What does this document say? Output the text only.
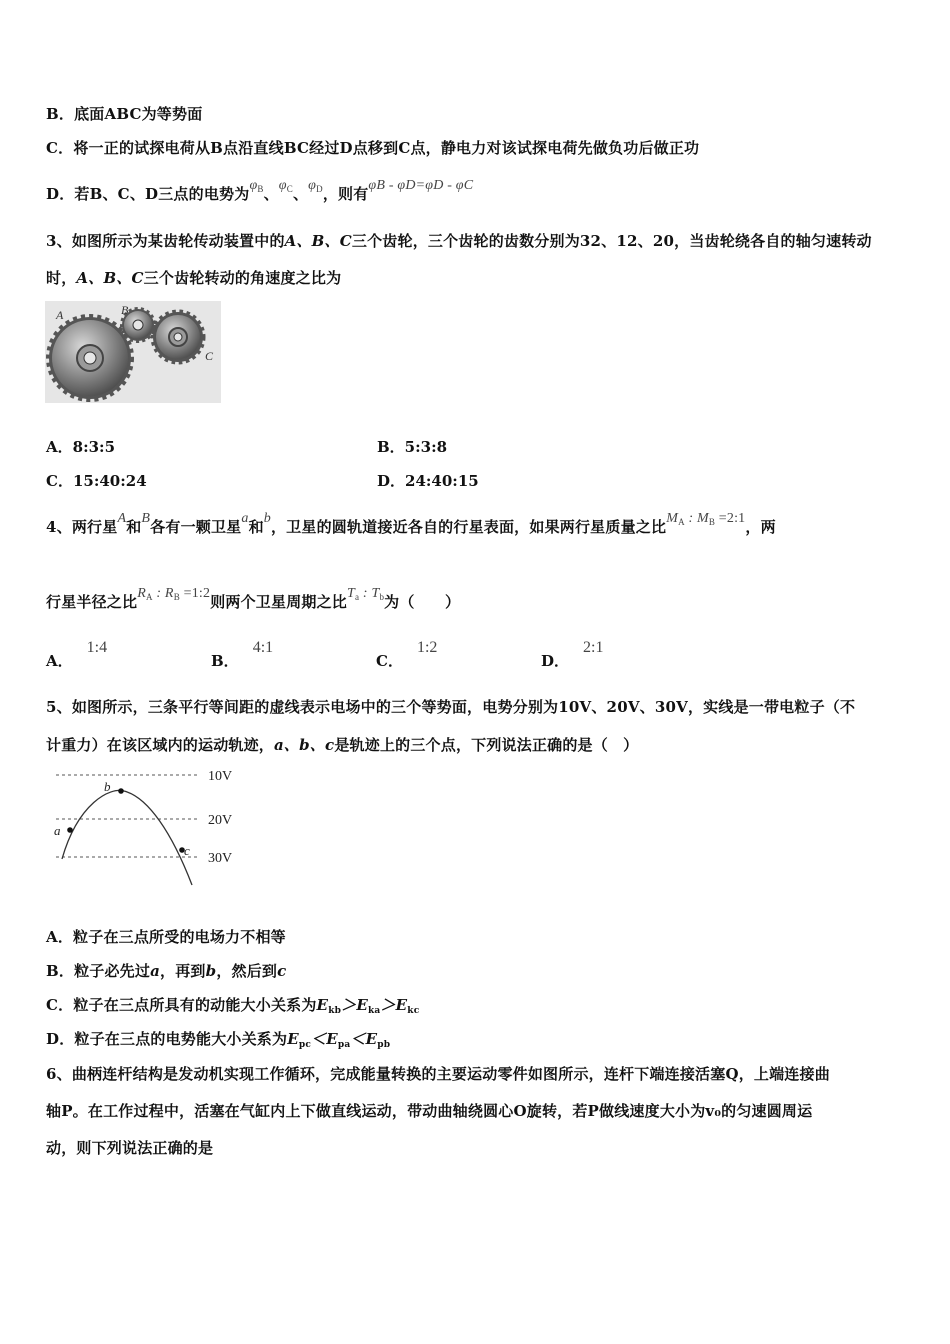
B．底面ABC为等势面
C．将一正的试探电荷从B点沿直线BC经过D点移到C点，静电力对该试探电荷先做负功后做正功
D．若B、C、D三点的电势为$\varphi_B$、$\varphi_C$、$\varphi_D$，则有φB - φD=φD - φC
3、如图所示为某齿轮传动装置中的A、B、C三个齿轮，三个齿轮的齿数分别为32、12、20，当齿轮绕各自的轴匀速转动
时，A、B、C三个齿轮转动的角速度之比为
A	B
C
A．8:3:5	B．5:3:8
C．15:40:24	D．24:40:15
4、两行星A和B各有一颗卫星a和b，卫星的圆轨道接近各自的行星表面，如果两行星质量之比$M_A$ : $M_B$ =2:1，两
行星半径之比$R_A$ : $R_B$ =1:2则两个卫星周期之比$T_a$ : $T_b$为（　　）
A．1:4
B．4:1
C．1:2
D．2:1
5、如图所示，三条平行等间距的虚线表示电场中的三个等势面，电势分别为10V、20V、30V，实线是一带电粒子（不
计重力）在该区域内的运动轨迹，a、b、c是轨迹上的三个点，下列说法正确的是（　）
a
b
c
10V
20V
30V
A．粒子在三点所受的电场力不相等
B．粒子必先过a，再到b，然后到c
C．粒子在三点所具有的动能大小关系为$E_{kb}>E_{ka}>E_{kc}$
D．粒子在三点的电势能大小关系为$E_{pc}<E_{pa}<E_{pb}$
6、曲柄连杆结构是发动机实现工作循环，完成能量转换的主要运动零件如图所示，连杆下端连接活塞Q，上端连接曲
轴P。在工作过程中，活塞在气缸内上下做直线运动，带动曲轴绕圆心O旋转，若P做线速度大小为v₀的匀速圆周运
动，则下列说法正确的是
